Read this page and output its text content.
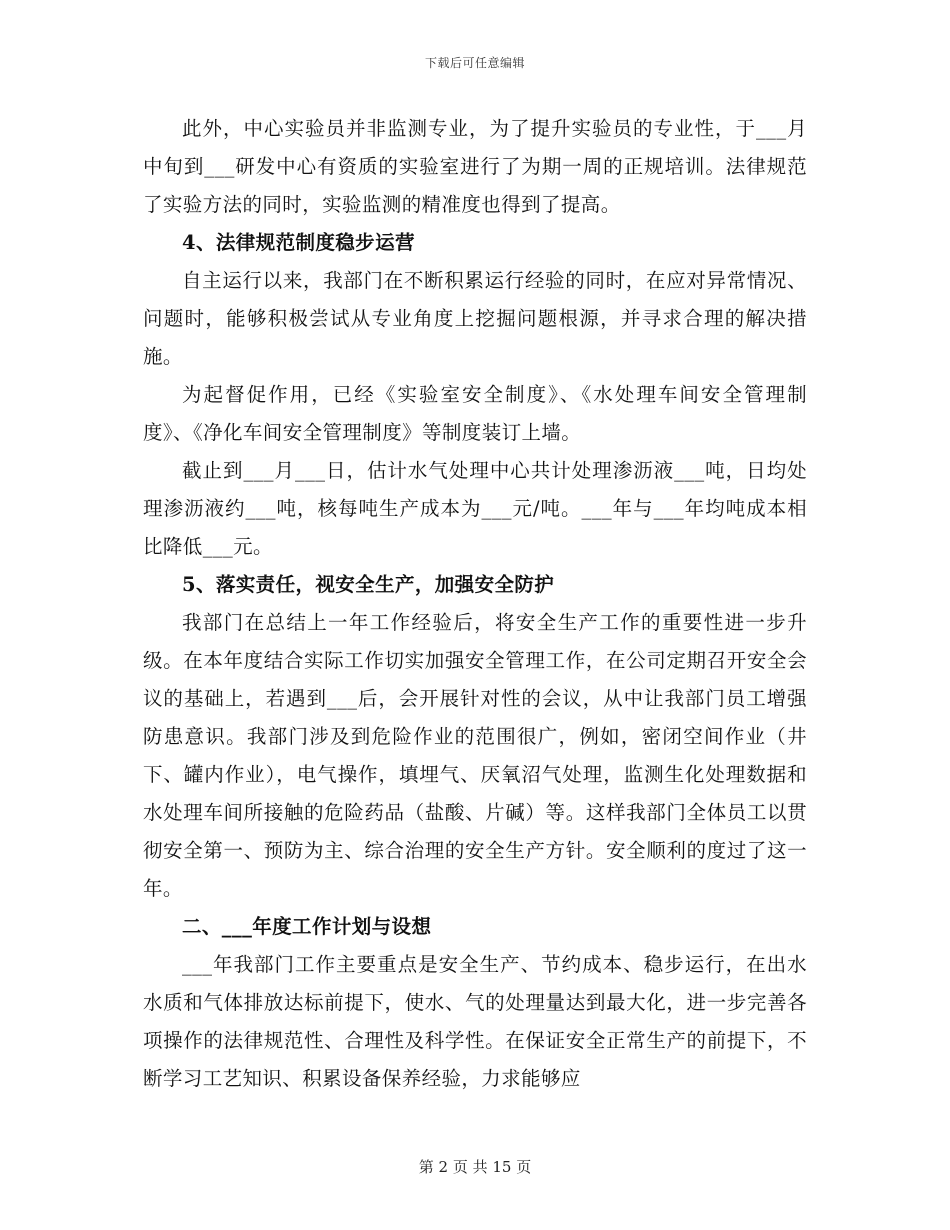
下载后可任意编辑

此外，中心实验员并非监测专业，为了提升实验员的专业性，于___月中旬到___研发中心有资质的实验室进行了为期一周的正规培训。法律规范了实验方法的同时，实验监测的精准度也得到了提高。

4、法律规范制度稳步运营

自主运行以来，我部门在不断积累运行经验的同时，在应对异常情况、问题时，能够积极尝试从专业角度上挖掘问题根源，并寻求合理的解决措施。

为起督促作用，已经《实验室安全制度》、《水处理车间安全管理制度》、《净化车间安全管理制度》等制度装订上墙。

截止到___月___日，估计水气处理中心共计处理渗沥液___吨，日均处理渗沥液约___吨，核每吨生产成本为___元/吨。___年与___年均吨成本相比降低___元。

5、落实责任，视安全生产，加强安全防护

我部门在总结上一年工作经验后，将安全生产工作的重要性进一步升级。在本年度结合实际工作切实加强安全管理工作，在公司定期召开安全会议的基础上，若遇到___后，会开展针对性的会议，从中让我部门员工增强防患意识。我部门涉及到危险作业的范围很广，例如，密闭空间作业（井下、罐内作业），电气操作，填埋气、厌氧沼气处理，监测生化处理数据和水处理车间所接触的危险药品（盐酸、片碱）等。这样我部门全体员工以贯彻安全第一、预防为主、综合治理的安全生产方针。安全顺利的度过了这一年。

二、___年度工作计划与设想

___年我部门工作主要重点是安全生产、节约成本、稳步运行，在出水水质和气体排放达标前提下，使水、气的处理量达到最大化，进一步完善各项操作的法律规范性、合理性及科学性。在保证安全正常生产的前提下，不断学习工艺知识、积累设备保养经验，力求能够应

第 2 页 共 15 页
